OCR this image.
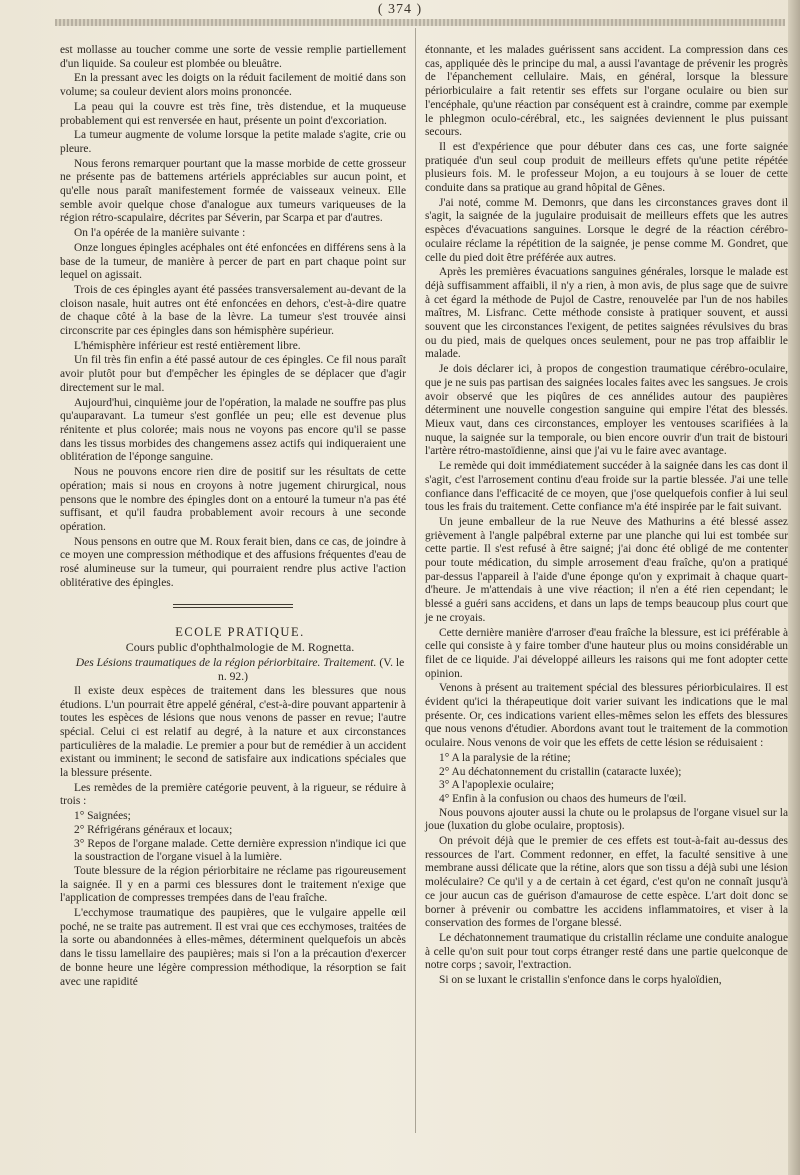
( 374 )

est mollasse au toucher comme une sorte de vessie remplie partiellement d'un liquide. Sa couleur est plombée ou bleuâtre.

En la pressant avec les doigts on la réduit facilement de moitié dans son volume; sa couleur devient alors moins prononcée.

La peau qui la couvre est très fine, très distendue, et la muqueuse probablement qui est renversée en haut, présente un point d'excoriation.

La tumeur augmente de volume lorsque la petite malade s'agite, crie ou pleure.

Nous ferons remarquer pourtant que la masse morbide de cette grosseur ne présente pas de battemens artériels appréciables sur aucun point, et qu'elle nous paraît manifestement formée de vaisseaux veineux. Elle semble avoir quelque chose d'analogue aux tumeurs variqueuses de la région rétro-scapulaire, décrites par Séverin, par Scarpa et par d'autres.

On l'a opérée de la manière suivante :

Onze longues épingles acéphales ont été enfoncées en différens sens à la base de la tumeur, de manière à percer de part en part chaque point sur lequel on agissait.

Trois de ces épingles ayant été passées transversalement au-devant de la cloison nasale, huit autres ont été enfoncées en dehors, c'est-à-dire quatre de chaque côté à la base de la lèvre. La tumeur s'est trouvée ainsi circonscrite par ces épingles dans son hémisphère supérieur.

L'hémisphère inférieur est resté entièrement libre.

Un fil très fin enfin a été passé autour de ces épingles. Ce fil nous paraît avoir plutôt pour but d'empêcher les épingles de se déplacer que d'agir directement sur le mal.

Aujourd'hui, cinquième jour de l'opération, la malade ne souffre pas plus qu'auparavant. La tumeur s'est gonflée un peu; elle est devenue plus rénitente et plus colorée; mais nous ne voyons pas encore qu'il se passe dans les tissus morbides des changemens assez actifs qui indiqueraient une oblitération de l'éponge sanguine.

Nous ne pouvons encore rien dire de positif sur les résultats de cette opération; mais si nous en croyons à notre jugement chirurgical, nous pensons que le nombre des épingles dont on a entouré la tumeur n'a pas été suffisant, et qu'il faudra probablement avoir recours à une seconde opération.

Nous pensons en outre que M. Roux ferait bien, dans ce cas, de joindre à ce moyen une compression méthodique et des affusions fréquentes d'eau de rosé alumineuse sur la tumeur, qui pourraient rendre plus active l'action oblitérative des épingles.

ECOLE PRATIQUE.

Cours public d'ophthalmologie de M. Rognetta.

Des Lésions traumatiques de la région périorbitaire. Traitement. (V. le n. 92.)

Il existe deux espèces de traitement dans les blessures que nous étudions. L'un pourrait être appelé général, c'est-à-dire pouvant appartenir à toutes les espèces de lésions que nous venons de passer en revue; l'autre spécial. Celui ci est relatif au degré, à la nature et aux circonstances particulières de la maladie. Le premier a pour but de remédier à un accident existant ou imminent; le second de satisfaire aux indications spéciales que la blessure présente.

Les remèdes de la première catégorie peuvent, à la rigueur, se réduire à trois :

1° Saignées;
2° Réfrigérans généraux et locaux;
3° Repos de l'organe malade. Cette dernière expression n'indique ici que la soustraction de l'organe visuel à la lumière.

Toute blessure de la région périorbitaire ne réclame pas rigoureusement la saignée. Il y en a parmi ces blessures dont le traitement n'exige que l'application de compresses trempées dans de l'eau fraîche.

L'ecchymose traumatique des paupières, que le vulgaire appelle œil poché, ne se traite pas autrement. Il est vrai que ces ecchymoses, traitées de la sorte ou abandonnées à elles-mêmes, déterminent quelquefois un abcès dans le tissu lamellaire des paupières; mais si l'on a la précaution d'exercer de bonne heure une légère compression méthodique, la résorption se fait avec une rapidité

étonnante, et les malades guérissent sans accident. La compression dans ces cas, appliquée dès le principe du mal, a aussi l'avantage de prévenir les progrès de l'épanchement cellulaire. Mais, en général, lorsque la blessure périorbiculaire a fait retentir ses effets sur l'organe oculaire ou bien sur l'encéphale, qu'une réaction par conséquent est à craindre, comme par exemple le phlegmon oculo-cérébral, etc., les saignées deviennent le plus puissant secours.

Il est d'expérience que pour débuter dans ces cas, une forte saignée pratiquée d'un seul coup produit de meilleurs effets qu'une petite répétée plusieurs fois. M. le professeur Mojon, a eu toujours à se louer de cette conduite dans sa pratique au grand hôpital de Gênes.

J'ai noté, comme M. Demonrs, que dans les circonstances graves dont il s'agit, la saignée de la jugulaire produisait de meilleurs effets que les autres espèces d'évacuations sanguines. Lorsque le degré de la réaction cérébro-oculaire réclame la répétition de la saignée, je pense comme M. Gondret, que celle du pied doit être préférée aux autres.

Après les premières évacuations sanguines générales, lorsque le malade est déjà suffisamment affaibli, il n'y a rien, à mon avis, de plus sage que de suivre à cet égard la méthode de Pujol de Castre, renouvelée par l'un de nos habiles maîtres, M. Lisfranc. Cette méthode consiste à pratiquer souvent, et aussi souvent que les circonstances l'exigent, de petites saignées révulsives du bras ou du pied, mais de quelques onces seulement, pour ne pas trop affaiblir le malade.

Je dois déclarer ici, à propos de congestion traumatique cérébro-oculaire, que je ne suis pas partisan des saignées locales faites avec les sangsues. Je crois avoir observé que les piqûres de ces annélides autour des paupières déterminent une nouvelle congestion sanguine qui empire l'état des blessés. Mieux vaut, dans ces circonstances, employer les ventouses scarifiées à la nuque, la saignée sur la temporale, ou bien encore ouvrir d'un trait de bistouri l'artère rétro-mastoïdienne, ainsi que j'ai vu le faire avec avantage.

Le remède qui doit immédiatement succéder à la saignée dans les cas dont il s'agit, c'est l'arrosement continu d'eau froide sur la partie blessée. J'ai une telle confiance dans l'efficacité de ce moyen, que j'ose quelquefois confier à lui seul tous les frais du traitement. Cette confiance m'a été inspirée par le fait suivant.

Un jeune emballeur de la rue Neuve des Mathurins a été blessé assez grièvement à l'angle palpébral externe par une planche qui lui est tombée sur cette partie. Il s'est refusé à être saigné; j'ai donc été obligé de me contenter pour toute médication, du simple arrosement d'eau fraîche, qu'on a pratiqué par-dessus l'appareil à l'aide d'une éponge qu'on y exprimait à chaque quart-d'heure. Je m'attendais à une vive réaction; il n'en a été rien cependant; le blessé a guéri sans accidens, et dans un laps de temps beaucoup plus court que je ne croyais.

Cette dernière manière d'arroser d'eau fraîche la blessure, est ici préférable à celle qui consiste à y faire tomber d'une hauteur plus ou moins considérable un filet de ce liquide. J'ai développé ailleurs les raisons qui me font adopter cette opinion.

Venons à présent au traitement spécial des blessures périorbiculaires. Il est évident qu'ici la thérapeutique doit varier suivant les indications que le mal présente. Or, ces indications varient elles-mêmes selon les effets des blessures que nous venons d'étudier. Abordons avant tout le traitement de la commotion oculaire. Nous venons de voir que les effets de cette lésion se réduisaient :

1° A la paralysie de la rétine;
2° Au déchatonnement du cristallin (cataracte luxée);
3° A l'apoplexie oculaire;
4° Enfin à la confusion ou chaos des humeurs de l'œil.

Nous pouvons ajouter aussi la chute ou le prolapsus de l'organe visuel sur la joue (luxation du globe oculaire, proptosis).

On prévoit déjà que le premier de ces effets est tout-à-fait au-dessus des ressources de l'art. Comment redonner, en effet, la faculté sensitive à une membrane aussi délicate que la rétine, alors que son tissu a déjà subi une lésion moléculaire? Ce qu'il y a de certain à cet égard, c'est qu'on ne connaît jusqu'à ce jour aucun cas de guérison d'amaurose de cette espèce. L'art doit donc se borner à prévenir ou combattre les accidens inflammatoires, et viser à la conservation des formes de l'organe blessé.

Le déchatonnement traumatique du cristallin réclame une conduite analogue à celle qu'on suit pour tout corps étranger resté dans une partie quelconque de notre corps ; savoir, l'extraction.

Si on se luxant le cristallin s'enfonce dans le corps hyaloïdien,
